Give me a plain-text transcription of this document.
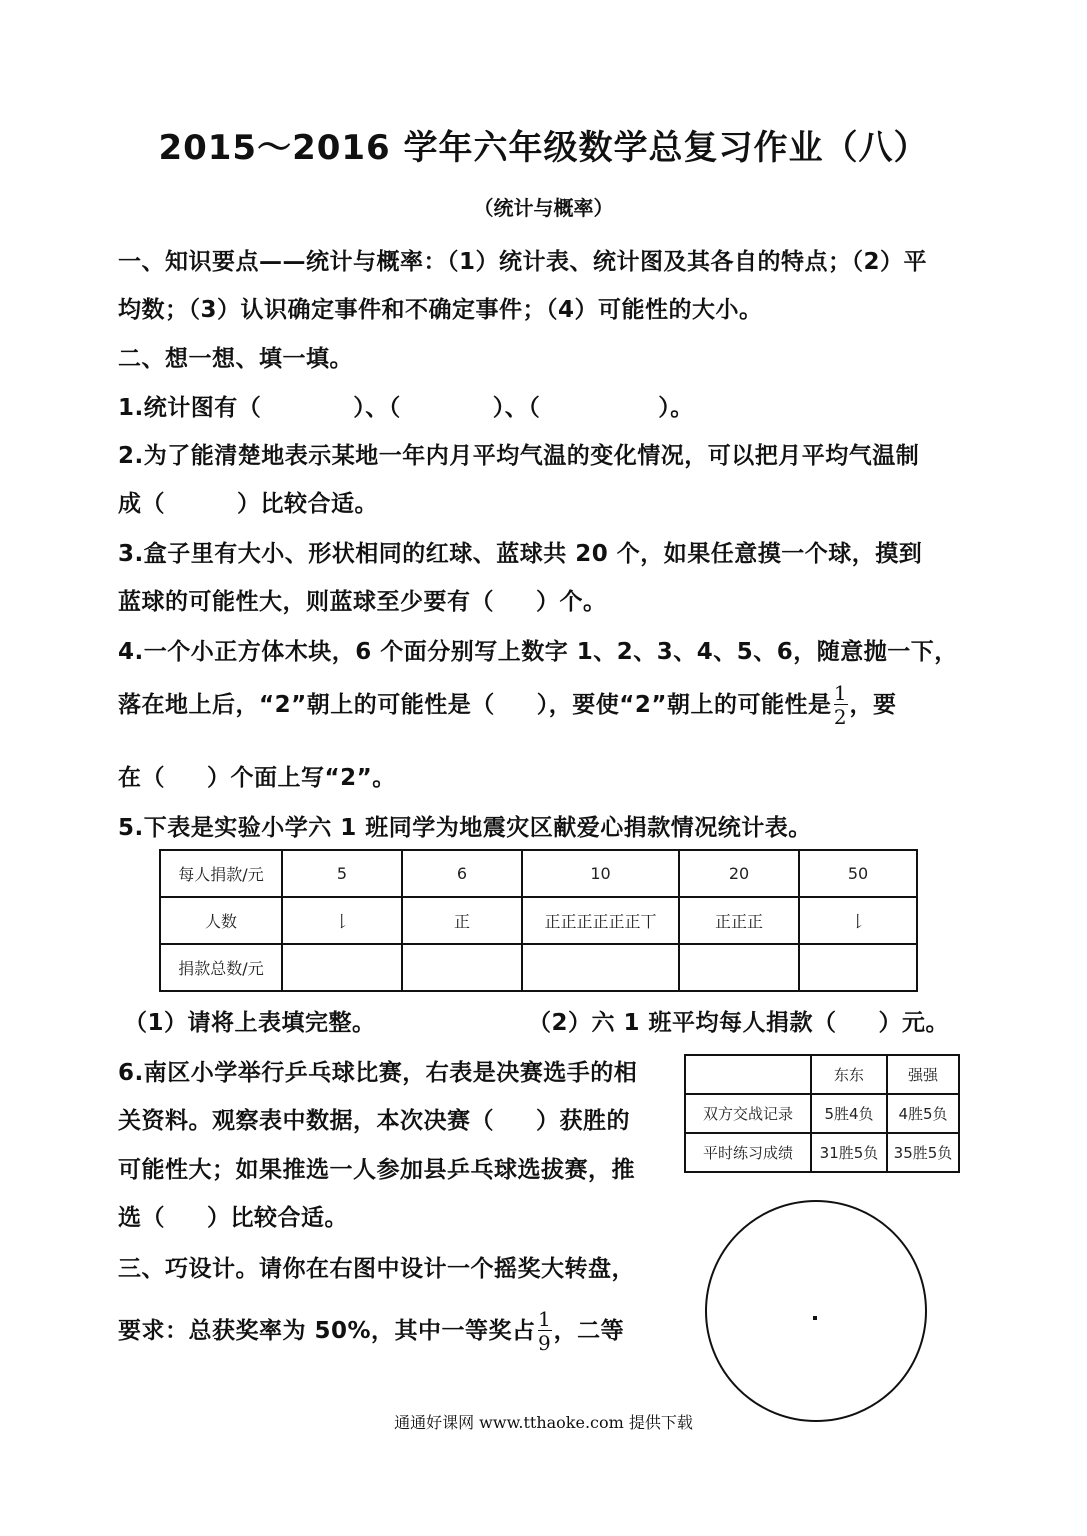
2015～2016 学年六年级数学总复习作业（八）
（统计与概率）
一、知识要点——统计与概率：（1）统计表、统计图及其各自的特点；（2）平
均数；（3）认识确定事件和不确定事件；（4）可能性的大小。
二、想一想、填一填。
1.统计图有（	）、（	）、（	）。
2.为了能清楚地表示某地一年内月平均气温的变化情况，可以把月平均气温制
成（	）比较合适。
3.盒子里有大小、形状相同的红球、蓝球共 20 个，如果任意摸一个球，摸到
蓝球的可能性大，则蓝球至少要有（ ）个。
4.一个小正方体木块，6 个面分别写上数字 1、2、3、4、5、6，随意抛一下，
落在地上后，“2”朝上的可能性是（ ），要使“2”朝上的可能性是 $\frac{1}{2}$ ，要
在（ ）个面上写“2”。
5.下表是实验小学六 1 班同学为地震灾区献爱心捐款情况统计表。
每人捐款/元	5	6	10	20	50
人数	𠄌	正	正正正正正正丅	正正正	𠄌
捐款总数/元					
（1）请将上表填完整。	（2）六 1 班平均每人捐款（ ）元。
6.南区小学举行乒乓球比赛，右表是决赛选手的相
关资料。观察表中数据，本次决赛（ ）获胜的
可能性大；如果推选一人参加县乒乓球选拔赛，推
选（ ）比较合适。
	东东	强强
双方交战记录	5胜4负	4胜5负
平时练习成绩	31胜5负	35胜5负
三、巧设计。请你在右图中设计一个摇奖大转盘，
要求：总获奖率为 50%，其中一等奖占 $\frac{1}{9}$ ，二等
通通好课网 www.tthaoke.com 提供下载
